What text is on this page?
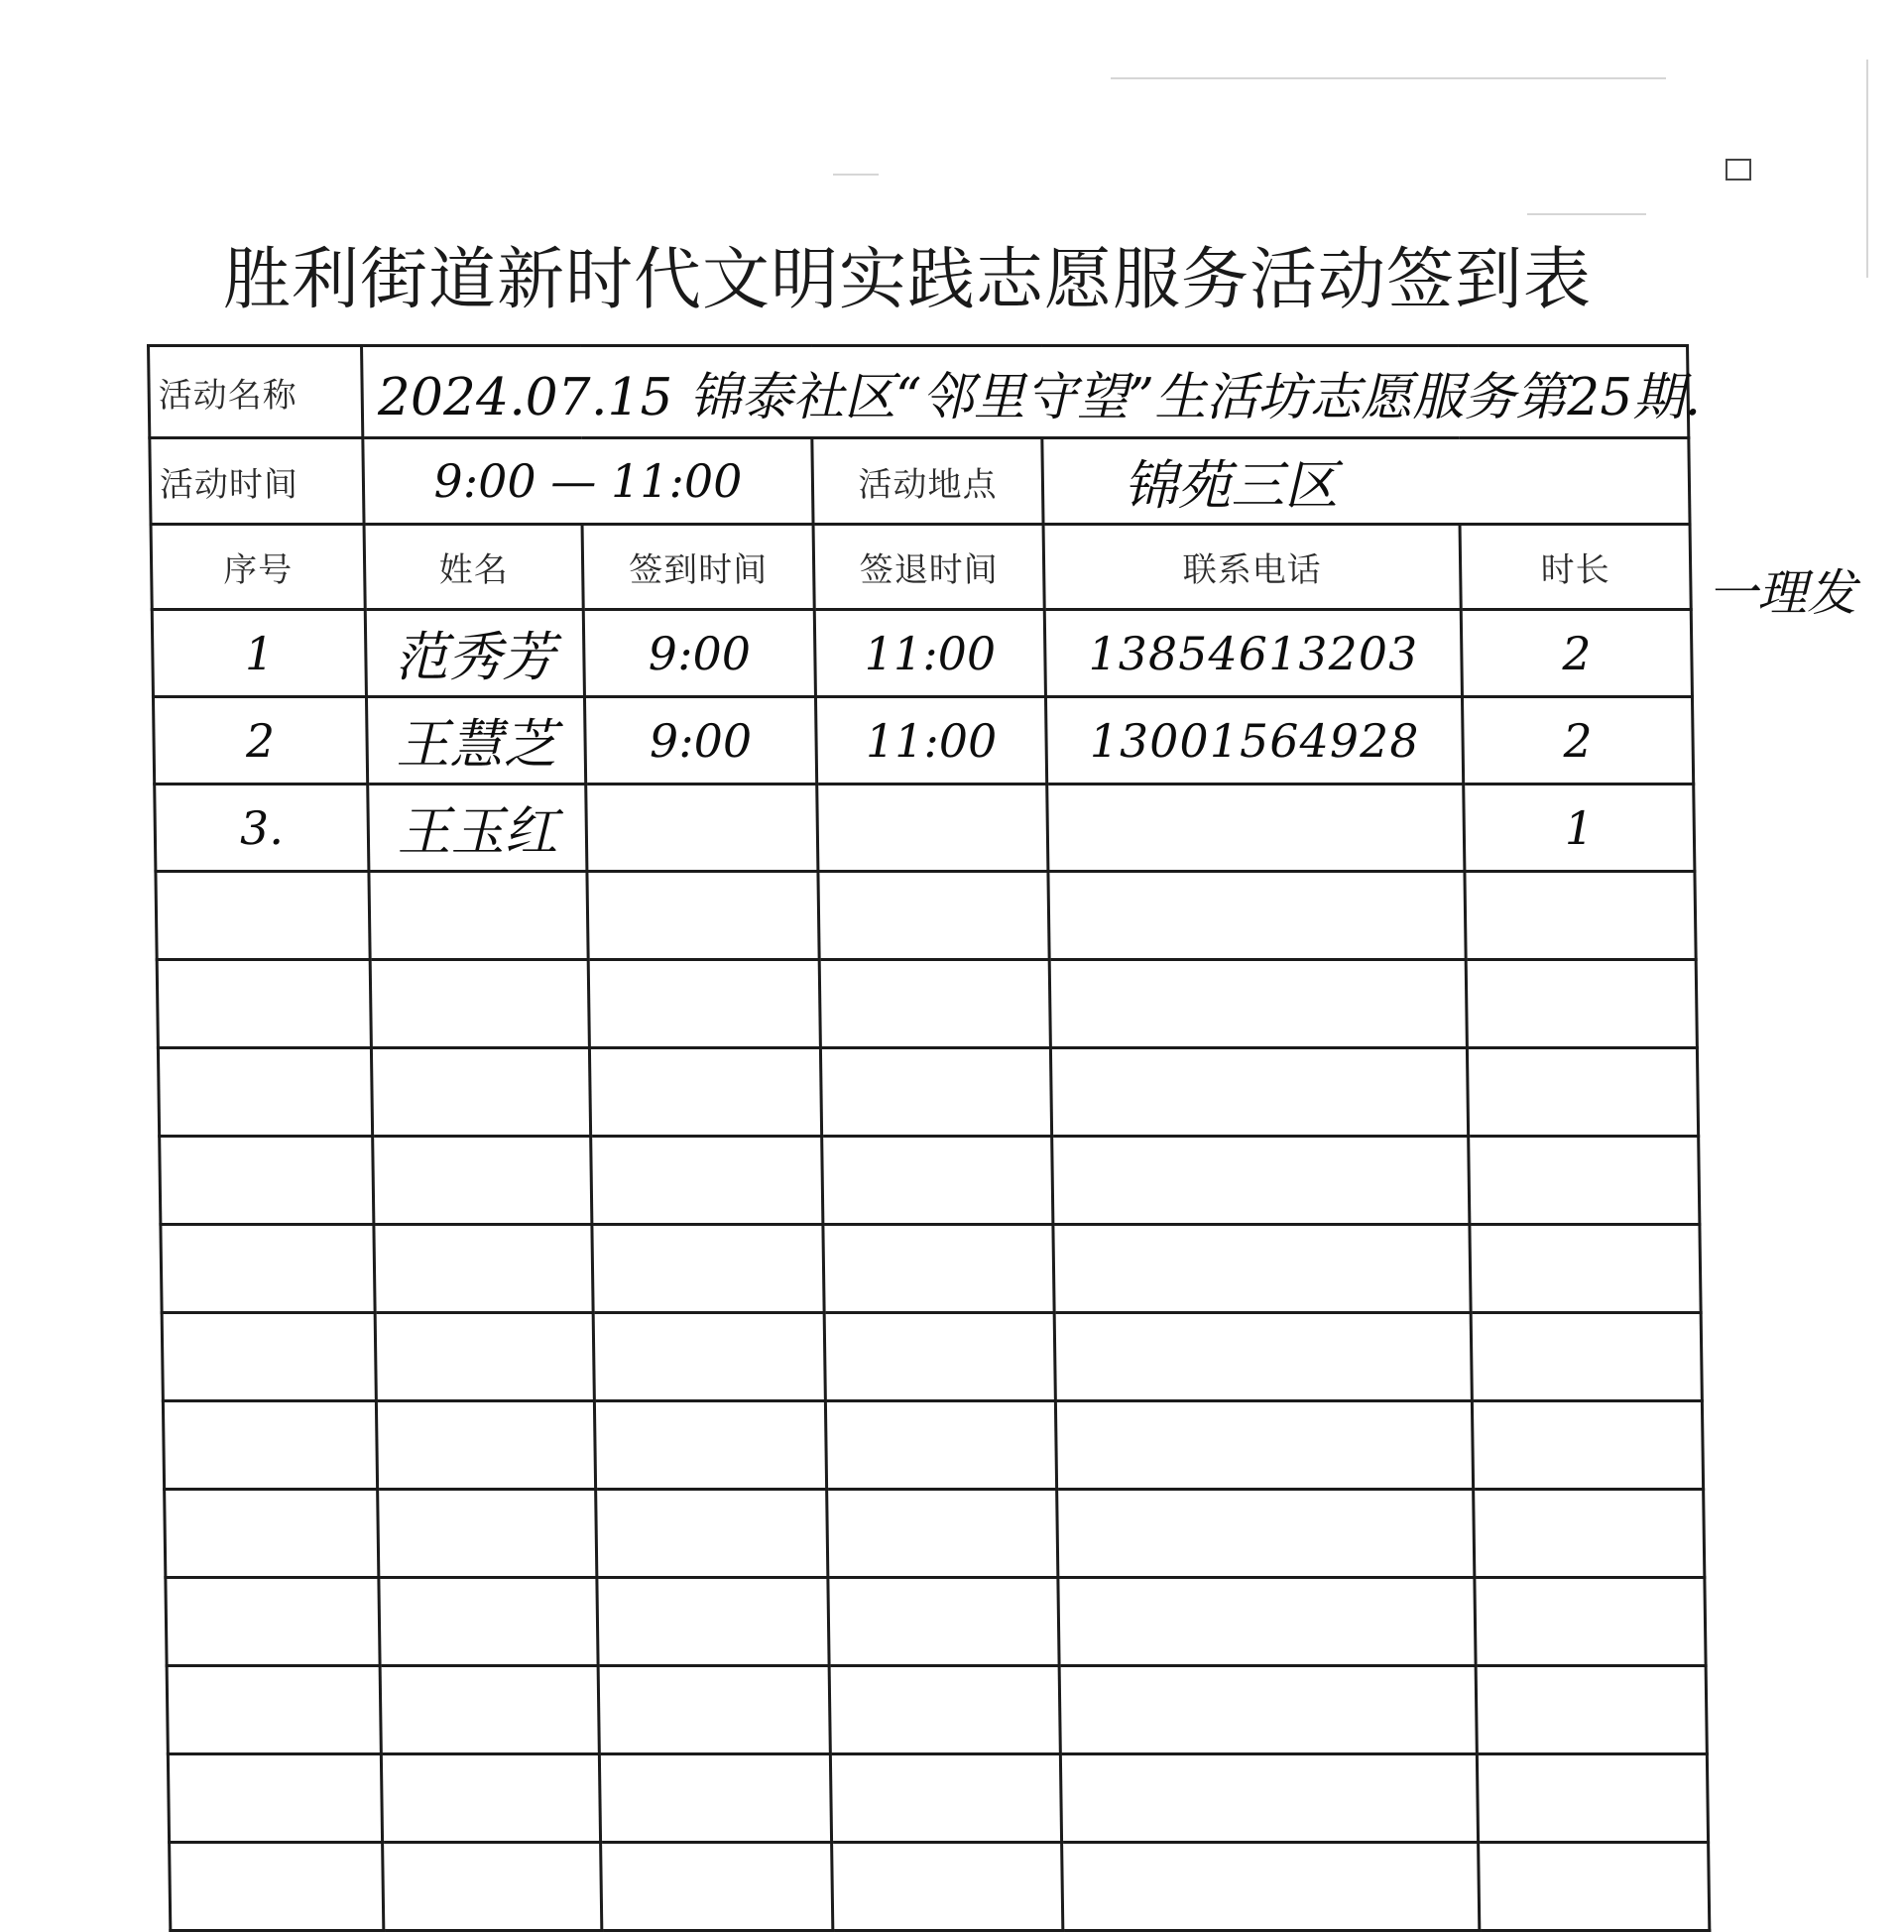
胜利街道新时代文明实践志愿服务活动签到表
一理发
活动名称	2024.07.15 锦泰社区“邻里守望”生活坊志愿服务第25期.				

活动时间	9:00 — 11:00		活动地点	锦苑三区	
序号	姓名	签到时间	签退时间	联系电话	时长
1	范秀芳	9:00	11:00	13854613203	2
2	王慧芝	9:00	11:00	13001564928	2
3.	王玉红				1
